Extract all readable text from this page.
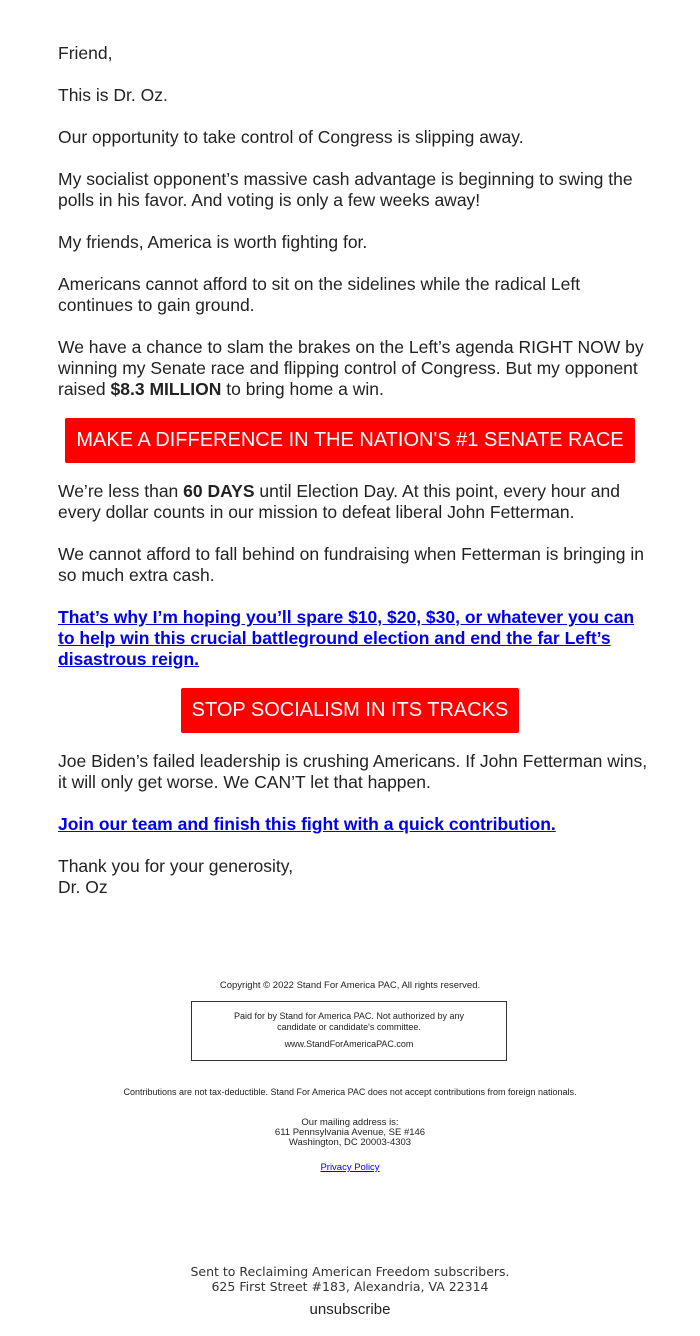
Friend,

This is Dr. Oz.

Our opportunity to take control of Congress is slipping away.

My socialist opponent’s massive cash advantage is beginning to swing the polls in his favor. And voting is only a few weeks away!

My friends, America is worth fighting for.

Americans cannot afford to sit on the sidelines while the radical Left continues to gain ground.

We have a chance to slam the brakes on the Left’s agenda RIGHT NOW by winning my Senate race and flipping control of Congress. But my opponent raised $8.3 MILLION to bring home a win.

MAKE A DIFFERENCE IN THE NATION'S #1 SENATE RACE

We’re less than 60 DAYS until Election Day. At this point, every hour and every dollar counts in our mission to defeat liberal John Fetterman.

We cannot afford to fall behind on fundraising when Fetterman is bringing in so much extra cash.

That’s why I’m hoping you’ll spare $10, $20, $30, or whatever you can to help win this crucial battleground election and end the far Left’s disastrous reign.

STOP SOCIALISM IN ITS TRACKS

Joe Biden’s failed leadership is crushing Americans. If John Fetterman wins, it will only get worse. We CAN’T let that happen.

Join our team and finish this fight with a quick contribution.

Thank you for your generosity,

Dr. Oz

Copyright © 2022 Stand For America PAC, All rights reserved.
Paid for by Stand for America PAC. Not authorized by any candidate or candidate's committee.
www.StandForAmericaPAC.com
Contributions are not tax-deductible. Stand For America PAC does not accept contributions from foreign nationals.
Our mailing address is:
611 Pennsylvania Avenue, SE #146
Washington, DC 20003-4303
Privacy Policy
Sent to Reclaiming American Freedom subscribers.
625 First Street #183, Alexandria, VA 22314
unsubscribe
